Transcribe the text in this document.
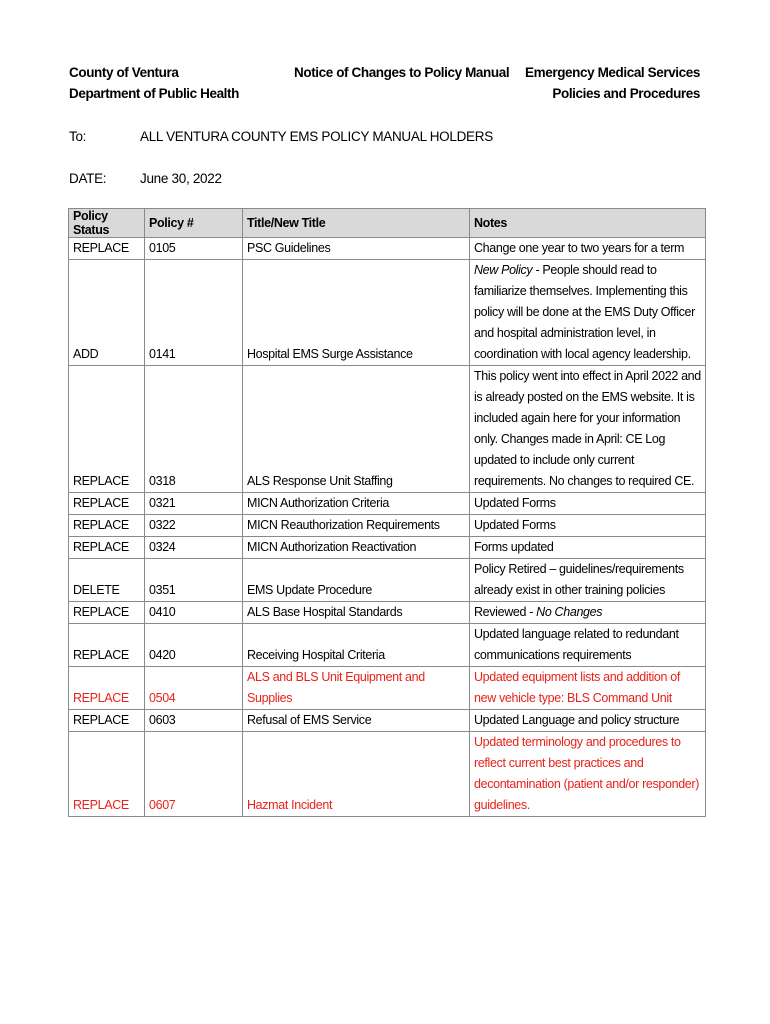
County of Ventura
Department of Public Health
Notice of Changes to Policy Manual Emergency Medical Services
Policies and Procedures
To:	ALL VENTURA COUNTY EMS POLICY MANUAL HOLDERS
DATE: June 30, 2022
Policy Status	Policy #	Title/New Title	Notes
REPLACE	0105	PSC Guidelines	Change one year to two years for a term
ADD	0141	Hospital EMS Surge Assistance	New Policy - People should read to familiarize themselves. Implementing this policy will be done at the EMS Duty Officer and hospital administration level, in coordination with local agency leadership.
REPLACE	0318	ALS Response Unit Staffing	This policy went into effect in April 2022 and is already posted on the EMS website. It is included again here for your information only. Changes made in April: CE Log updated to include only current requirements. No changes to required CE.
REPLACE	0321	MICN Authorization Criteria	Updated Forms
REPLACE	0322	MICN Reauthorization Requirements	Updated Forms
REPLACE	0324	MICN Authorization Reactivation	Forms updated
DELETE	0351	EMS Update Procedure	Policy Retired – guidelines/requirements already exist in other training policies
REPLACE	0410	ALS Base Hospital Standards	Reviewed - No Changes
REPLACE	0420	Receiving Hospital Criteria	Updated language related to redundant communications requirements
REPLACE	0504	ALS and BLS Unit Equipment and Supplies	Updated equipment lists and addition of new vehicle type: BLS Command Unit
REPLACE	0603	Refusal of EMS Service	Updated Language and policy structure
REPLACE	0607	Hazmat Incident	Updated terminology and procedures to reflect current best practices and decontamination (patient and/or responder) guidelines.
